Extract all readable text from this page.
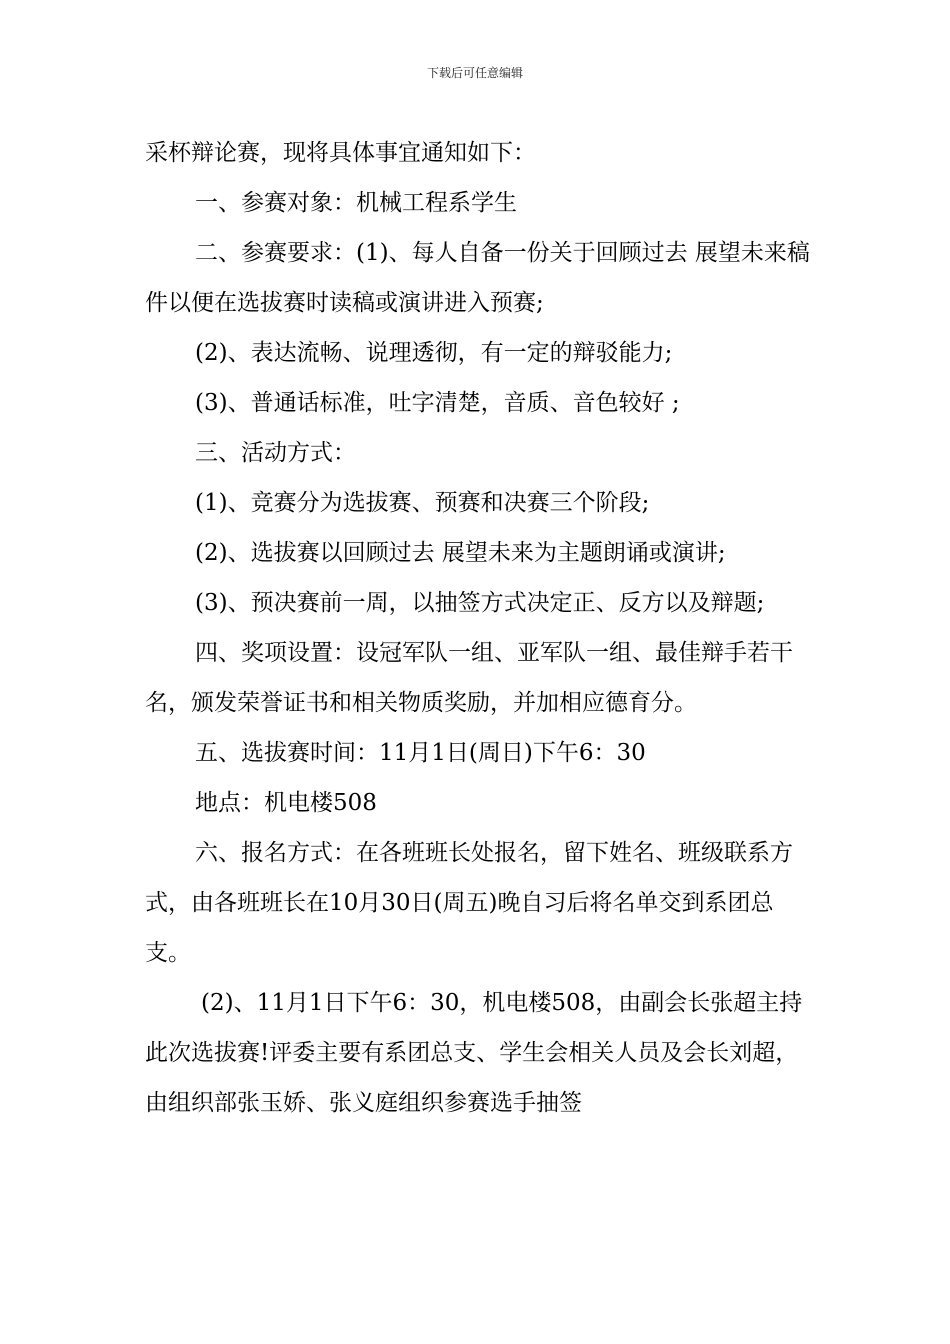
下载后可任意编辑

采杯辩论赛，现将具体事宜通知如下：

一、参赛对象：机械工程系学生

二、参赛要求：(1)、每人自备一份关于回顾过去 展望未来稿件以便在选拔赛时读稿或演讲进入预赛;

(2)、表达流畅、说理透彻，有一定的辩驳能力;

(3)、普通话标准，吐字清楚，音质、音色较好 ;

三、活动方式：

(1)、竞赛分为选拔赛、预赛和决赛三个阶段;

(2)、选拔赛以回顾过去 展望未来为主题朗诵或演讲;

(3)、预决赛前一周，以抽签方式决定正、反方以及辩题;

四、奖项设置：设冠军队一组、亚军队一组、最佳辩手若干名，颁发荣誉证书和相关物质奖励，并加相应德育分。

五、选拔赛时间：11月1日(周日)下午6：30

地点：机电楼508

六、报名方式：在各班班长处报名，留下姓名、班级联系方式，由各班班长在10月30日(周五)晚自习后将名单交到系团总支。

(2)、11月1日下午6：30，机电楼508，由副会长张超主持此次选拔赛!评委主要有系团总支、学生会相关人员及会长刘超，由组织部张玉娇、张义庭组织参赛选手抽签
